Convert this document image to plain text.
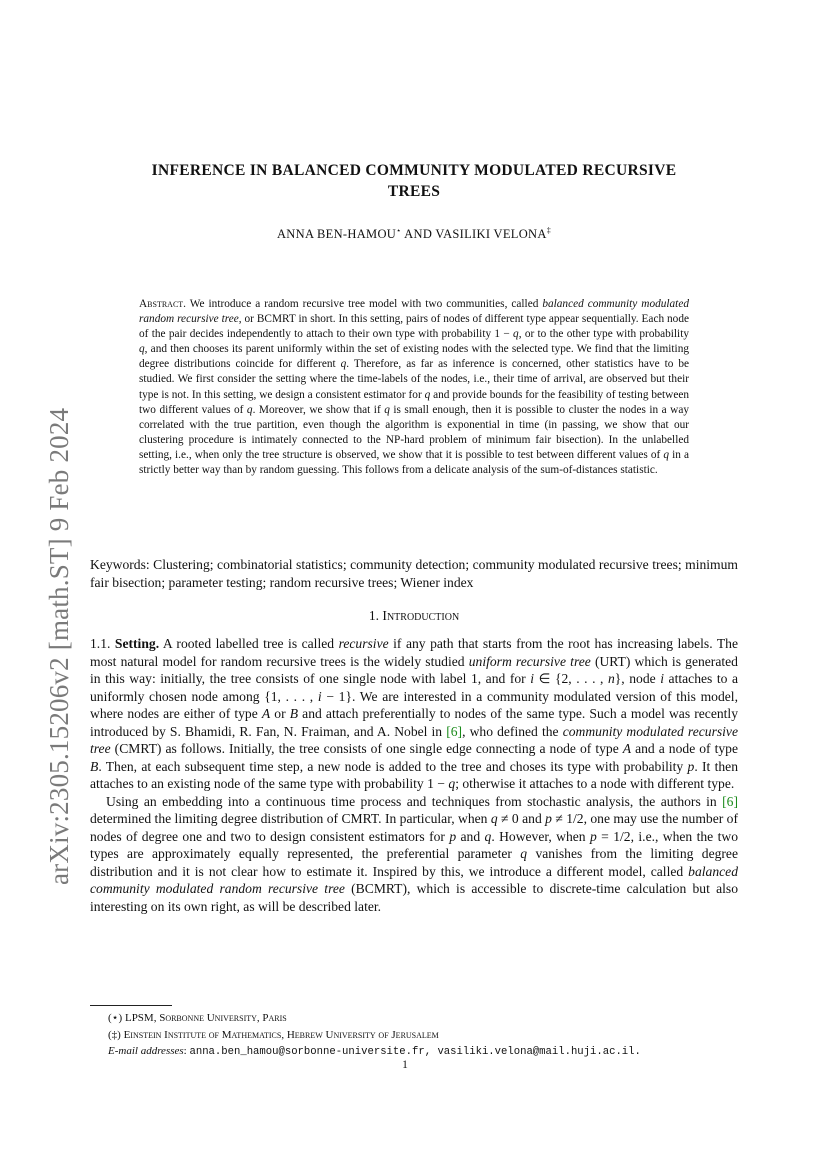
arXiv:2305.15206v2 [math.ST] 9 Feb 2024
INFERENCE IN BALANCED COMMUNITY MODULATED RECURSIVE
TREES
ANNA BEN-HAMOU⋆ AND VASILIKI VELONA‡
Abstract. We introduce a random recursive tree model with two communities, called balanced community modulated random recursive tree, or BCMRT in short. In this setting, pairs of nodes of different type appear sequentially. Each node of the pair decides independently to attach to their own type with probability 1 − q, or to the other type with probability q, and then chooses its parent uniformly within the set of existing nodes with the selected type. We find that the limiting degree distributions coincide for different q. Therefore, as far as inference is concerned, other statistics have to be studied. We first consider the setting where the time-labels of the nodes, i.e., their time of arrival, are observed but their type is not. In this setting, we design a consistent estimator for q and provide bounds for the feasibility of testing between two different values of q. Moreover, we show that if q is small enough, then it is possible to cluster the nodes in a way correlated with the true partition, even though the algorithm is exponential in time (in passing, we show that our clustering procedure is intimately connected to the NP-hard problem of minimum fair bisection). In the unlabelled setting, i.e., when only the tree structure is observed, we show that it is possible to test between different values of q in a strictly better way than by random guessing. This follows from a delicate analysis of the sum-of-distances statistic.
Keywords: Clustering; combinatorial statistics; community detection; community modulated recursive trees; minimum fair bisection; parameter testing; random recursive trees; Wiener index
1. Introduction

1.1. Setting. A rooted labelled tree is called recursive if any path that starts from the root has increasing labels. The most natural model for random recursive trees is the widely studied uniform recursive tree (URT) which is generated in this way: initially, the tree consists of one single node with label 1, and for i ∈ {2, . . . , n}, node i attaches to a uniformly chosen node among {1, . . . , i − 1}. We are interested in a community modulated version of this model, where nodes are either of type A or B and attach preferentially to nodes of the same type. Such a model was recently introduced by S. Bhamidi, R. Fan, N. Fraiman, and A. Nobel in [6], who defined the community modulated recursive tree (CMRT) as follows. Initially, the tree consists of one single edge connecting a node of type A and a node of type B. Then, at each subsequent time step, a new node is added to the tree and choses its type with probability p. It then attaches to an existing node of the same type with probability 1 − q; otherwise it attaches to a node with different type.

Using an embedding into a continuous time process and techniques from stochastic analysis, the authors in [6] determined the limiting degree distribution of CMRT. In particular, when q ≠ 0 and p ≠ 1/2, one may use the number of nodes of degree one and two to design consistent estimators for p and q. However, when p = 1/2, i.e., when the two types are approximately equally represented, the preferential parameter q vanishes from the limiting degree distribution and it is not clear how to estimate it. Inspired by this, we introduce a different model, called balanced community modulated random recursive tree (BCMRT), which is accessible to discrete-time calculation but also interesting on its own right, as will be described later.

(⋆) LPSM, Sorbonne University, Paris
(‡) Einstein Institute of Mathematics, Hebrew University of Jerusalem
E-mail addresses: anna.ben_hamou@sorbonne-universite.fr, vasiliki.velona@mail.huji.ac.il.
1
